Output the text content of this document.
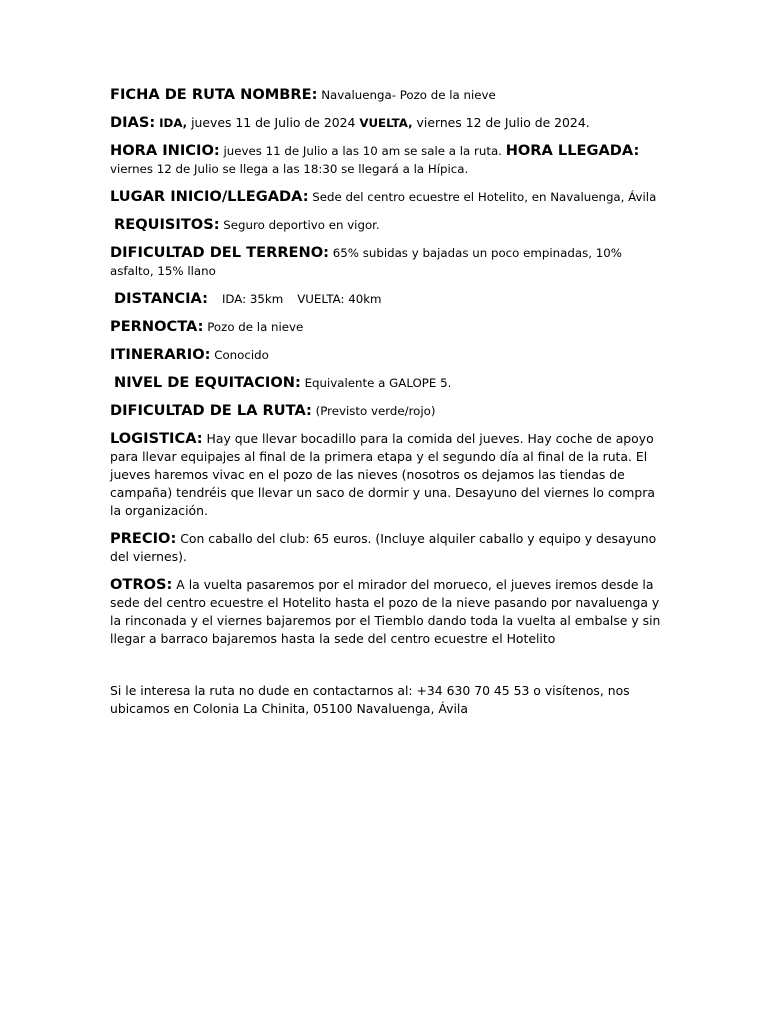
FICHA DE RUTA NOMBRE: Navaluenga- Pozo de la nieve

DIAS: IDA, jueves 11 de Julio de 2024 VUELTA, viernes 12 de Julio de 2024.

HORA INICIO: jueves 11 de Julio a las 10 am se sale a la ruta. HORA LLEGADA: viernes 12 de Julio se llega a las 18:30 se llegará a la Hípica.

LUGAR INICIO/LLEGADA: Sede del centro ecuestre el Hotelito, en Navaluenga, Ávila

REQUISITOS: Seguro deportivo en vigor.

DIFICULTAD DEL TERRENO: 65% subidas y bajadas un poco empinadas, 10% asfalto, 15% llano

DISTANCIA: IDA: 35km VUELTA: 40km

PERNOCTA: Pozo de la nieve

ITINERARIO: Conocido

NIVEL DE EQUITACION: Equivalente a GALOPE 5.

DIFICULTAD DE LA RUTA: (Previsto verde/rojo)

LOGISTICA: Hay que llevar bocadillo para la comida del jueves. Hay coche de apoyo para llevar equipajes al final de la primera etapa y el segundo día al final de la ruta. El jueves haremos vivac en el pozo de las nieves (nosotros os dejamos las tiendas de campaña) tendréis que llevar un saco de dormir y una. Desayuno del viernes lo compra la organización.

PRECIO: Con caballo del club: 65 euros. (Incluye alquiler caballo y equipo y desayuno del viernes).

OTROS: A la vuelta pasaremos por el mirador del morueco, el jueves iremos desde la sede del centro ecuestre el Hotelito hasta el pozo de la nieve pasando por navaluenga y la rinconada y el viernes bajaremos por el Tiemblo dando toda la vuelta al embalse y sin llegar a barraco bajaremos hasta la sede del centro ecuestre el Hotelito

Si le interesa la ruta no dude en contactarnos al: +34 630 70 45 53 o visítenos, nos ubicamos en Colonia La Chinita, 05100 Navaluenga, Ávila
